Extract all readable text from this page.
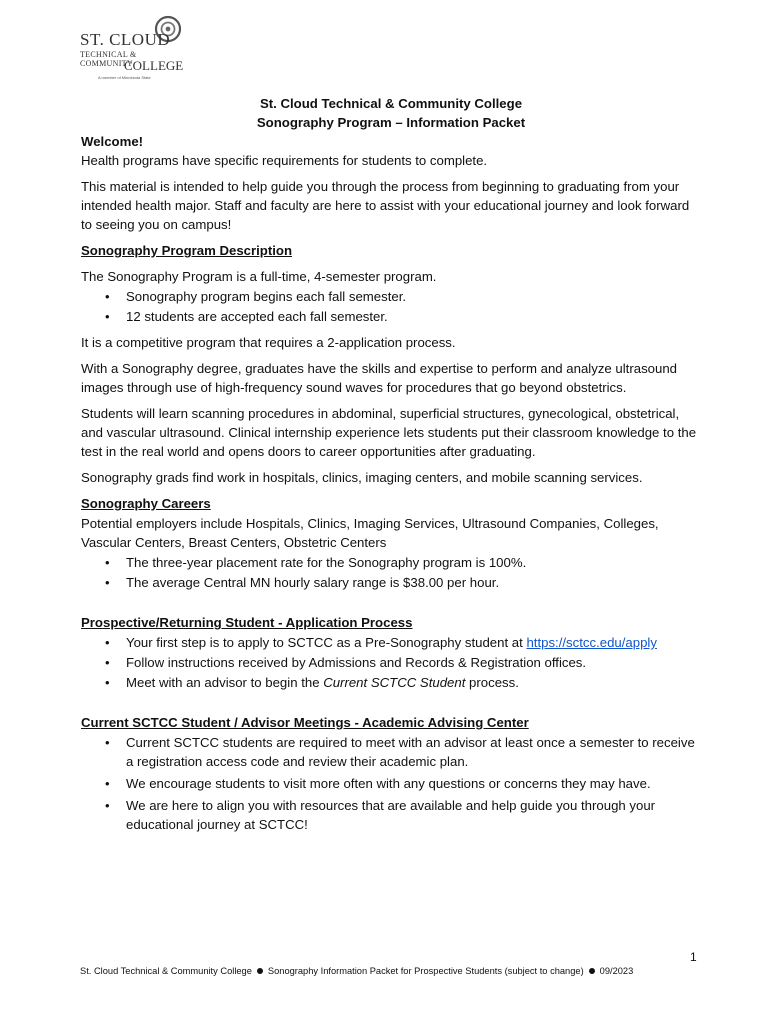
ST. CLOUD
TECHNICAL & COMMUNITY
COLLEGE
A member of Minnesota State

St. Cloud Technical & Community College

Sonography Program – Information Packet

Welcome!

Health programs have specific requirements for students to complete.

This material is intended to help guide you through the process from beginning to graduating from your intended health major. Staff and faculty are here to assist with your educational journey and look forward to seeing you on campus!

Sonography Program Description

The Sonography Program is a full-time, 4-semester program.

• Sonography program begins each fall semester.
• 12 students are accepted each fall semester.

It is a competitive program that requires a 2-application process.

With a Sonography degree, graduates have the skills and expertise to perform and analyze ultrasound images through use of high-frequency sound waves for procedures that go beyond obstetrics.

Students will learn scanning procedures in abdominal, superficial structures, gynecological, obstetrical, and vascular ultrasound. Clinical internship experience lets students put their classroom knowledge to the test in the real world and opens doors to career opportunities after graduating.

Sonography grads find work in hospitals, clinics, imaging centers, and mobile scanning services.

Sonography Careers

Potential employers include Hospitals, Clinics, Imaging Services, Ultrasound Companies, Colleges, Vascular Centers, Breast Centers, Obstetric Centers

• The three-year placement rate for the Sonography program is 100%.
• The average Central MN hourly salary range is $38.00 per hour.

Prospective/Returning Student - Application Process

• Your first step is to apply to SCTCC as a Pre-Sonography student at https://sctcc.edu/apply
• Follow instructions received by Admissions and Records & Registration offices.
• Meet with an advisor to begin the Current SCTCC Student process.

Current SCTCC Student / Advisor Meetings - Academic Advising Center

• Current SCTCC students are required to meet with an advisor at least once a semester to receive a registration access code and review their academic plan.
• We encourage students to visit more often with any questions or concerns they may have.
• We are here to align you with resources that are available and help guide you through your educational journey at SCTCC!
1
St. Cloud Technical & Community College Sonography Information Packet for Prospective Students (subject to change) 09/2023
